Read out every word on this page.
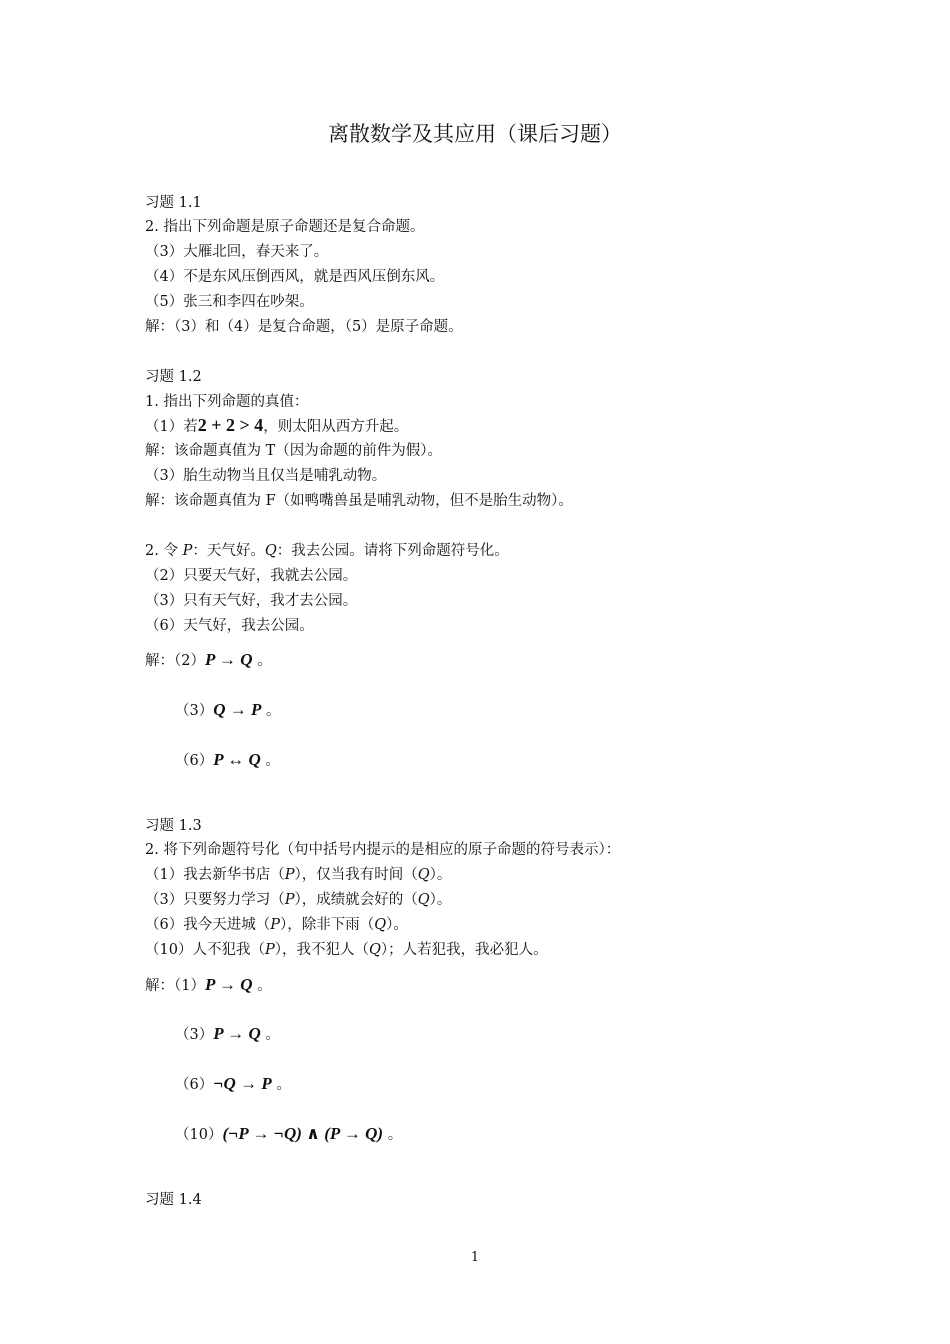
离散数学及其应用（课后习题）
习题 1.1
2. 指出下列命题是原子命题还是复合命题。
（3）大雁北回，春天来了。
（4）不是东风压倒西风，就是西风压倒东风。
（5）张三和李四在吵架。
解：（3）和（4）是复合命题，（5）是原子命题。
习题 1.2
1. 指出下列命题的真值：
（1）若2 + 2 > 4，则太阳从西方升起。
解：该命题真值为 T（因为命题的前件为假）。
（3）胎生动物当且仅当是哺乳动物。
解：该命题真值为 F（如鸭嘴兽虽是哺乳动物，但不是胎生动物）。
2. 令 P：天气好。Q：我去公园。请将下列命题符号化。
（2）只要天气好，我就去公园。
（3）只有天气好，我才去公园。
（6）天气好，我去公园。
解：（2）P → Q 。
（3）Q → P 。
（6）P ↔ Q 。
习题 1.3
2. 将下列命题符号化（句中括号内提示的是相应的原子命题的符号表示）：
（1）我去新华书店（P），仅当我有时间（Q）。
（3）只要努力学习（P），成绩就会好的（Q）。
（6）我今天进城（P），除非下雨（Q）。
（10）人不犯我（P），我不犯人（Q）；人若犯我，我必犯人。
解：（1）P → Q 。
（3）P → Q 。
（6）¬Q → P 。
（10）(¬P → ¬Q) ∧ (P → Q) 。
习题 1.4
1
